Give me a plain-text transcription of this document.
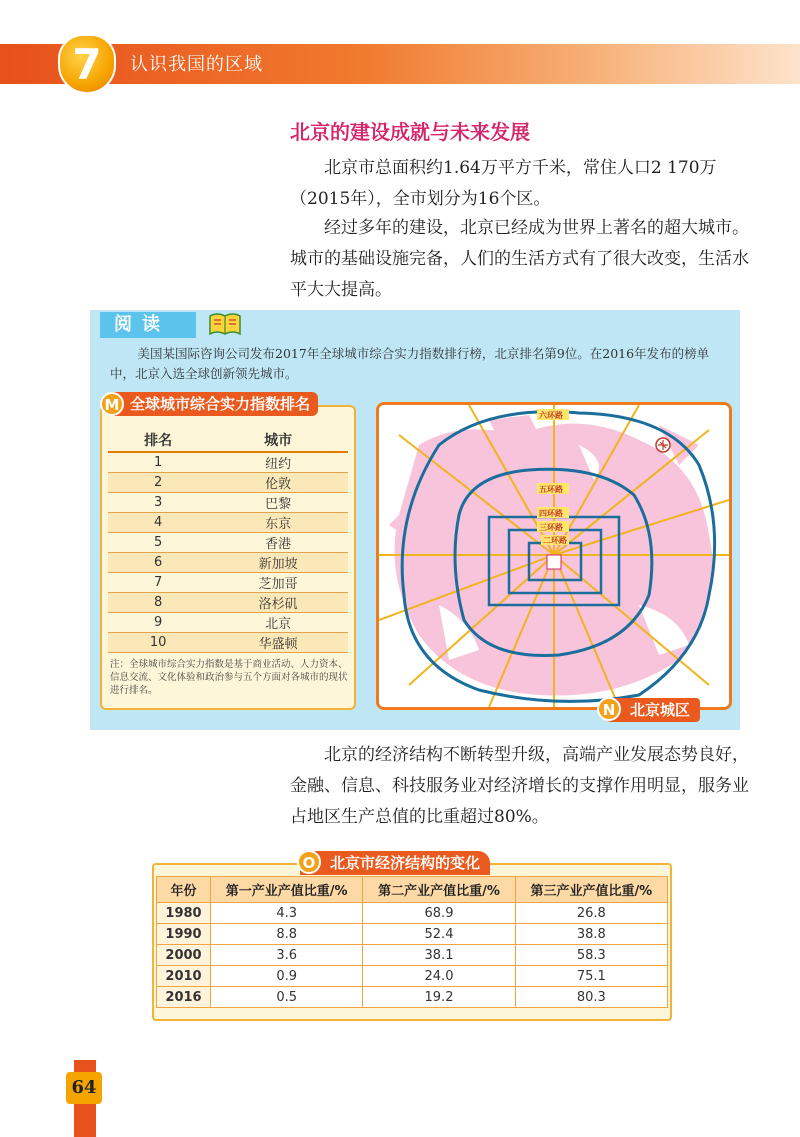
7	认识我国的区域
北京的建设成就与未来发展
北京市总面积约1.64万平方千米，常住人口2 170万（2015年），全市划分为16个区。
经过多年的建设，北京已经成为世界上著名的超大城市。城市的基础设施完备，人们的生活方式有了很大改变，生活水平大大提高。
阅读
美国某国际咨询公司发布2017年全球城市综合实力指数排行榜，北京排名第9位。在2016年发布的榜单中，北京入选全球创新领先城市。
全球城市综合实力指数排名
M
排名	城市
1	纽约
2	伦敦
3	巴黎
4	东京
5	香港
6	新加坡
7	芝加哥
8	洛杉矶
9	北京
10	华盛顿
注：全球城市综合实力指数是基于商业活动、人力资本、信息交流、文化体验和政治参与五个方面对各城市的现状进行排名。
六环路
五环路
四环路
三环路
二环路
北京城区
N
北京的经济结构不断转型升级，高端产业发展态势良好，金融、信息、科技服务业对经济增长的支撑作用明显，服务业占地区生产总值的比重超过80%。
北京市经济结构的变化
O
年份	第一产业产值比重/%	第二产业产值比重/%	第三产业产值比重/%
1980	4.3	68.9	26.8
1990	8.8	52.4	38.8
2000	3.6	38.1	58.3
2010	0.9	24.0	75.1
2016	0.5	19.2	80.3
64
